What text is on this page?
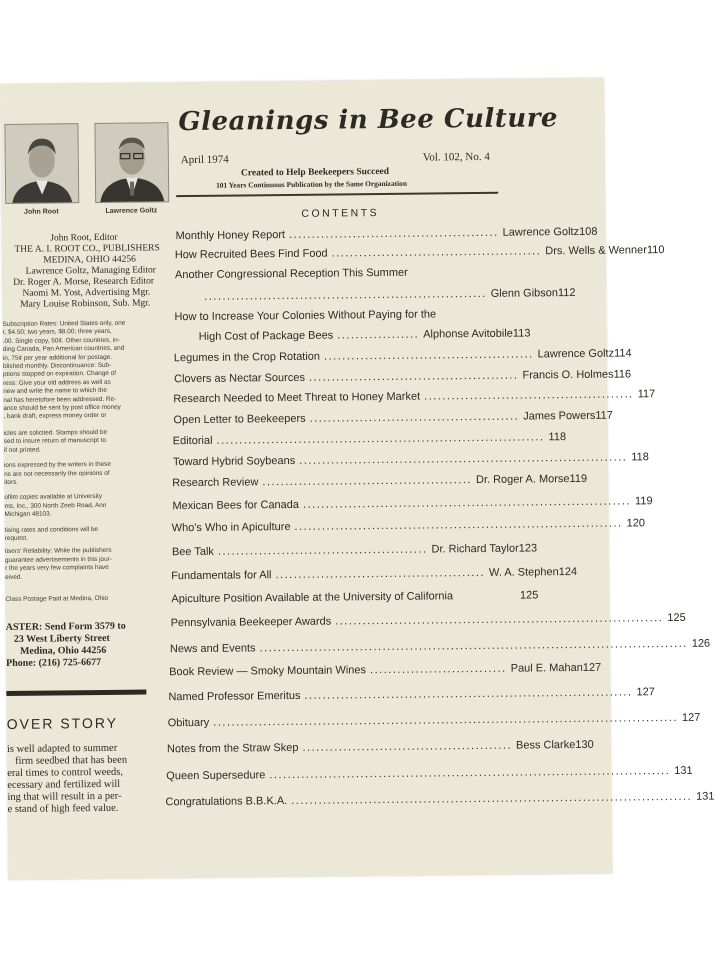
John Root	Lawrence Goltz
John Root, Editor
THE A. I. ROOT CO., PUBLISHERS
MEDINA, OHIO 44256
Lawrence Goltz, Managing Editor
Dr. Roger A. Morse, Research Editor
Naomi M. Yost, Advertising Mgr.
Mary Louise Robinson, Sub. Mgr.
Subscription Rates: United States only, one
r, $4.50; two years, $8.00; three years,
.00. Single copy, 50¢. Other countries, in-
ding Canada, Pan American countries, and
in, 75¢ per year additional for postage.
blished monthly. Discontinuance: Sub-
ptions stopped on expiration. Change of
ress: Give your old address as well as
new and write the name to which the
nal has heretofore been addressed. Re-
ance should be sent by post office money
, bank draft, express money order or
icles are solicited. Stamps should be
sed to insure return of manuscript to
if not printed.
ions expressed by the writers in these
ns are not necessarily the opinions of
itors.
ofilm copies available at University
ms, Inc., 300 North Zeeb Road, Ann
Michigan 48103.
tising rates and conditions will be
request.
tisers' Reliability: While the publishers
guarantee advertisements in this jour-
r the years very few complaints have
eived.
Class Postage Paid at Medina, Ohio
ASTER: Send Form 3579 to
23 West Liberty Street
Medina, Ohio 44256
Phone: (216) 725-6677
OVER STORY
is well adapted to summer
firm seedbed that has been
eral times to control weeds,
ecessary and fertilized will
ing that will result in a per-
e stand of high feed value.
Gleanings in Bee Culture
April 1974	Vol. 102, No. 4
Created to Help Beekeepers Succeed
101 Years Continuous Publication by the Same Organization
CONTENTS
Monthly Honey Report .............................................. Lawrence Goltz 108
How Recruited Bees Find Food .............................................. Drs. Wells & Wenner 110
Another Congressional Reception This Summer
.............................................................. Glenn Gibson 112
How to Increase Your Colonies Without Paying for the
High Cost of Package Bees .................. Alphonse Avitobile 113
Legumes in the Crop Rotation .............................................. Lawrence Goltz 114
Clovers as Nectar Sources .............................................. Francis O. Holmes 116
Research Needed to Meet Threat to Honey Market .............................................. 117
Open Letter to Beekeepers .............................................. James Powers 117
Editorial ........................................................................ 118
Toward Hybrid Soybeans ........................................................................ 118
Research Review .............................................. Dr. Roger A. Morse 119
Mexican Bees for Canada ........................................................................ 119
Who's Who in Apiculture ........................................................................ 120
Bee Talk .............................................. Dr. Richard Taylor 123
Fundamentals for All .............................................. W. A. Stephen 124
Apiculture Position Available at the University of California	125
Pennsylvania Beekeeper Awards ........................................................................ 125
News and Events .............................................................................................. 126
Book Review — Smoky Mountain Wines .............................. Paul E. Mahan 127
Named Professor Emeritus ........................................................................ 127
Obituary ...................................................................................................... 127
Notes from the Straw Skep .............................................. Bess Clarke 130
Queen Supersedure ........................................................................................ 131
Congratulations B.B.K.A. ........................................................................................ 131
